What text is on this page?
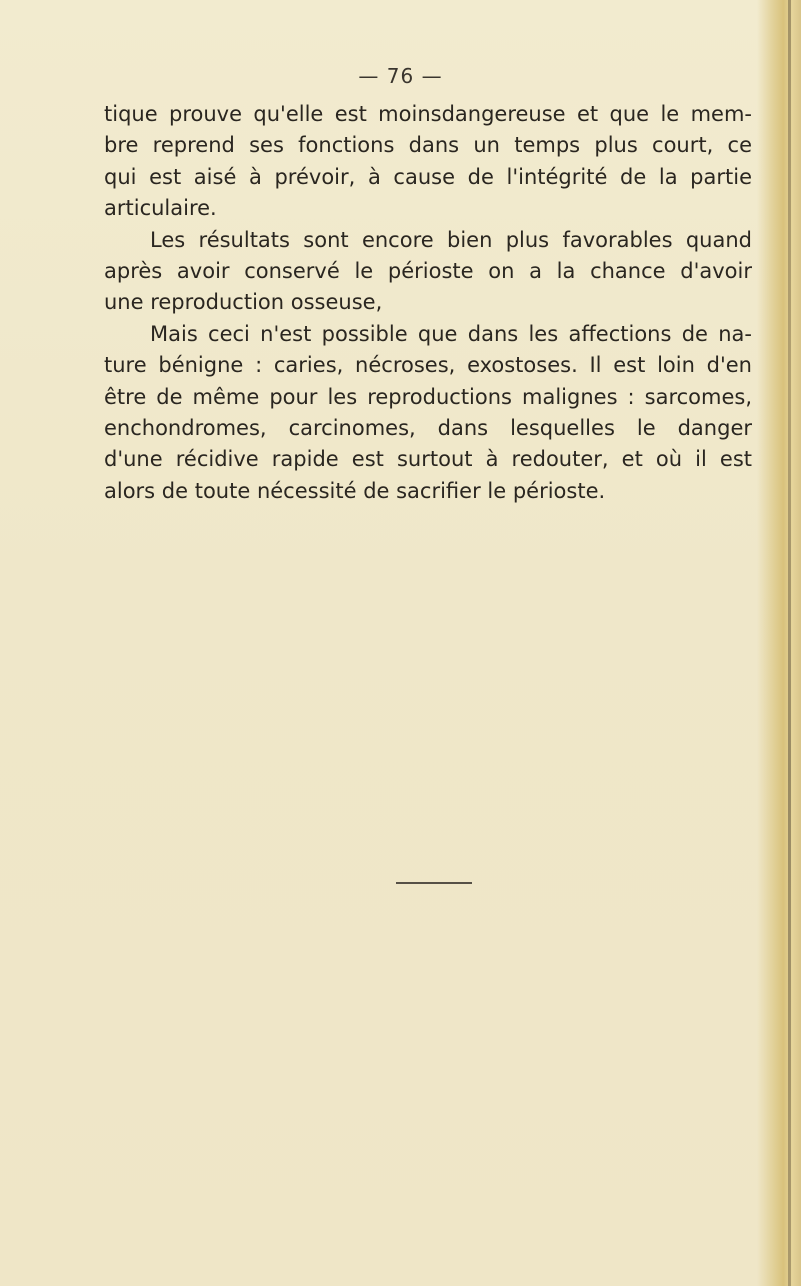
— 76 —
tique prouve qu'elle est moinsdangereuse et que le mem-
bre reprend ses fonctions dans un temps plus court, ce
qui est aisé à prévoir, à cause de l'intégrité de la partie
articulaire.
Les résultats sont encore bien plus favorables quand
après avoir conservé le périoste on a la chance d'avoir
une reproduction osseuse,
Mais ceci n'est possible que dans les affections de na-
ture bénigne : caries, nécroses, exostoses. Il est loin d'en
être de même pour les reproductions malignes : sarcomes,
enchondromes, carcinomes, dans lesquelles le danger
d'une récidive rapide est surtout à redouter, et où il est
alors de toute nécessité de sacrifier le périoste.
